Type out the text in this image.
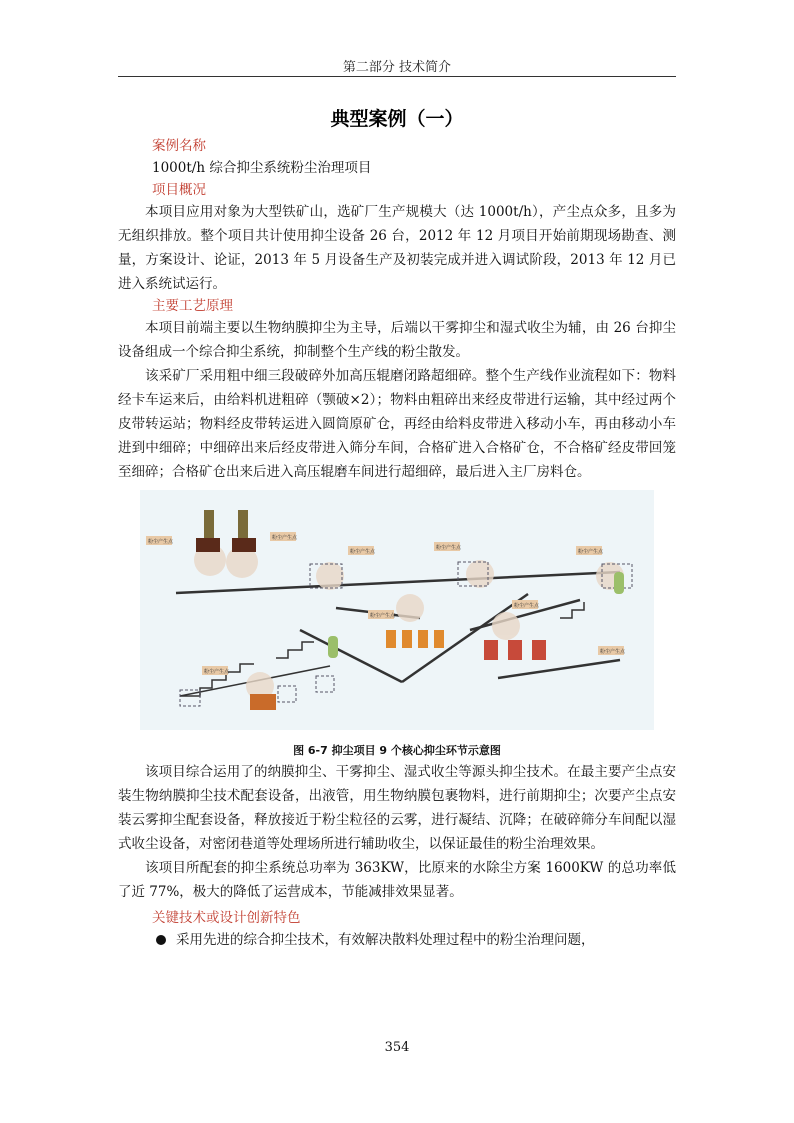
第二部分 技术简介
典型案例（一）
案例名称
1000t/h 综合抑尘系统粉尘治理项目
项目概况

本项目应用对象为大型铁矿山，选矿厂生产规模大（达 1000t/h），产尘点众多，且多为无组织排放。整个项目共计使用抑尘设备 26 台，2012 年 12 月项目开始前期现场勘查、测量，方案设计、论证，2013 年 5 月设备生产及初装完成并进入调试阶段，2013 年 12 月已进入系统试运行。

主要工艺原理

本项目前端主要以生物纳膜抑尘为主导，后端以干雾抑尘和湿式收尘为辅，由 26 台抑尘设备组成一个综合抑尘系统，抑制整个生产线的粉尘散发。

该采矿厂采用粗中细三段破碎外加高压辊磨闭路超细碎。整个生产线作业流程如下：物料经卡车运来后，由给料机进粗碎（颚破×2）；物料由粗碎出来经皮带进行运输，其中经过两个皮带转运站；物料经皮带转运进入圆筒原矿仓，再经由给料皮带进入移动小车，再由移动小车进到中细碎；中细碎出来后经皮带进入筛分车间，合格矿进入合格矿仓，不合格矿经皮带回笼至细碎；合格矿仓出来后进入高压辊磨车间进行超细碎，最后进入主厂房料仓。

粉尘产生点
粉尘产生点
粉尘产生点
粉尘产生点
粉尘产生点
粉尘产生点
粉尘产生点
粉尘产生点
粉尘产生点
图 6-7 抑尘项目 9 个核心抑尘环节示意图

该项目综合运用了的纳膜抑尘、干雾抑尘、湿式收尘等源头抑尘技术。在最主要产尘点安装生物纳膜抑尘技术配套设备，出液管，用生物纳膜包裹物料，进行前期抑尘；次要产尘点安装云雾抑尘配套设备，释放接近于粉尘粒径的云雾，进行凝结、沉降；在破碎筛分车间配以湿式收尘设备，对密闭巷道等处理场所进行辅助收尘，以保证最佳的粉尘治理效果。

该项目所配套的抑尘系统总功率为 363KW，比原来的水除尘方案 1600KW 的总功率低了近 77%，极大的降低了运营成本，节能减排效果显著。

关键技术或设计创新特色
采用先进的综合抑尘技术，有效解决散料处理过程中的粉尘治理问题，
354
